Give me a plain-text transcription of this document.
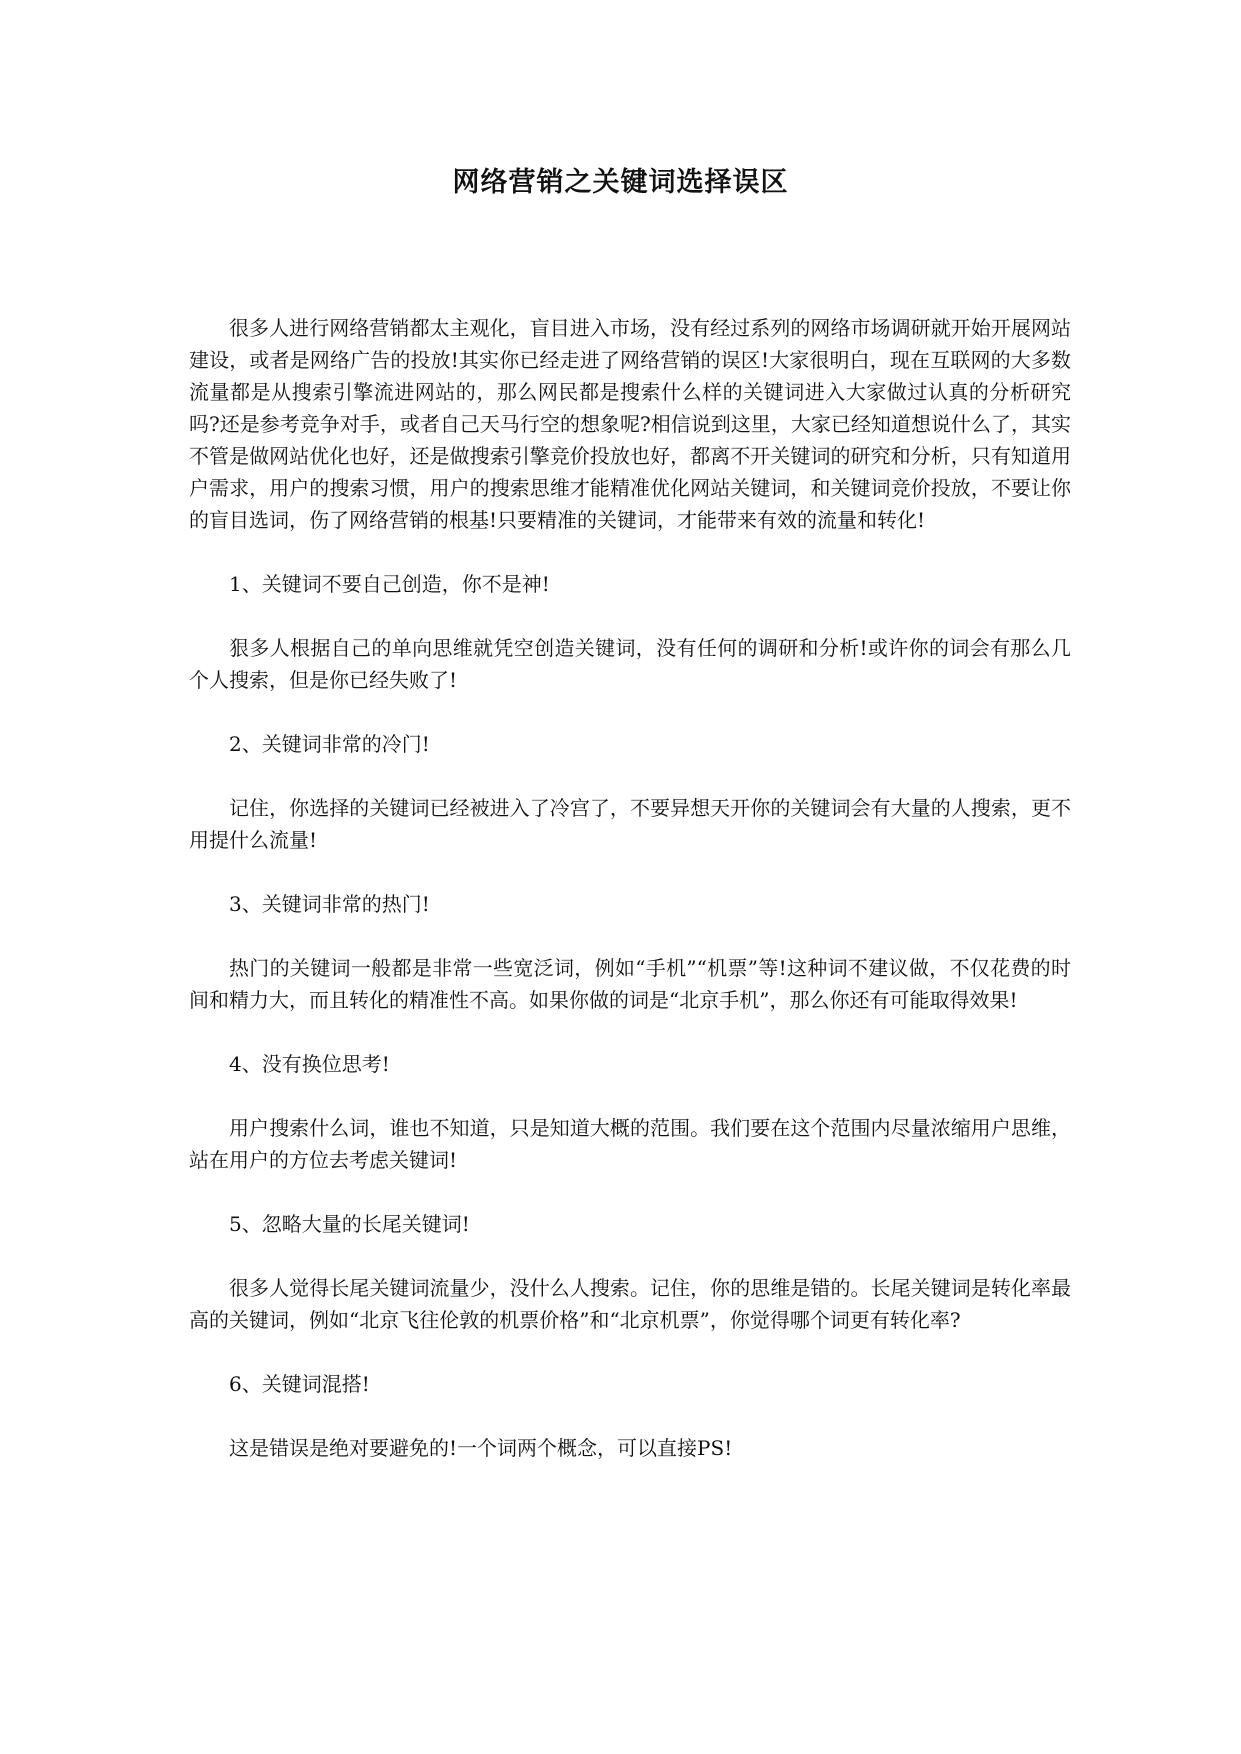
网络营销之关键词选择误区

很多人进行网络营销都太主观化，盲目进入市场，没有经过系列的网络市场调研就开始开展网站建设，或者是网络广告的投放!其实你已经走进了网络营销的误区!大家很明白，现在互联网的大多数流量都是从搜索引擎流进网站的，那么网民都是搜索什么样的关键词进入大家做过认真的分析研究吗?还是参考竞争对手，或者自己天马行空的想象呢?相信说到这里，大家已经知道想说什么了，其实不管是做网站优化也好，还是做搜索引擎竞价投放也好，都离不开关键词的研究和分析，只有知道用户需求，用户的搜索习惯，用户的搜索思维才能精准优化网站关键词，和关键词竞价投放，不要让你的盲目选词，伤了网络营销的根基!只要精准的关键词，才能带来有效的流量和转化!

1、关键词不要自己创造，你不是神!

狠多人根据自己的单向思维就凭空创造关键词，没有任何的调研和分析!或许你的词会有那么几个人搜索，但是你已经失败了!

2、关键词非常的冷门!

记住，你选择的关键词已经被进入了冷宫了，不要异想天开你的关键词会有大量的人搜索，更不用提什么流量!

3、关键词非常的热门!

热门的关键词一般都是非常一些宽泛词，例如“手机”“机票”等!这种词不建议做，不仅花费的时间和精力大，而且转化的精准性不高。如果你做的词是“北京手机”，那么你还有可能取得效果!

4、没有换位思考!

用户搜索什么词，谁也不知道，只是知道大概的范围。我们要在这个范围内尽量浓缩用户思维，站在用户的方位去考虑关键词!

5、忽略大量的长尾关键词!

很多人觉得长尾关键词流量少，没什么人搜索。记住，你的思维是错的。长尾关键词是转化率最高的关键词，例如“北京飞往伦敦的机票价格”和“北京机票”，你觉得哪个词更有转化率?

6、关键词混搭!

这是错误是绝对要避免的!一个词两个概念，可以直接PS!
